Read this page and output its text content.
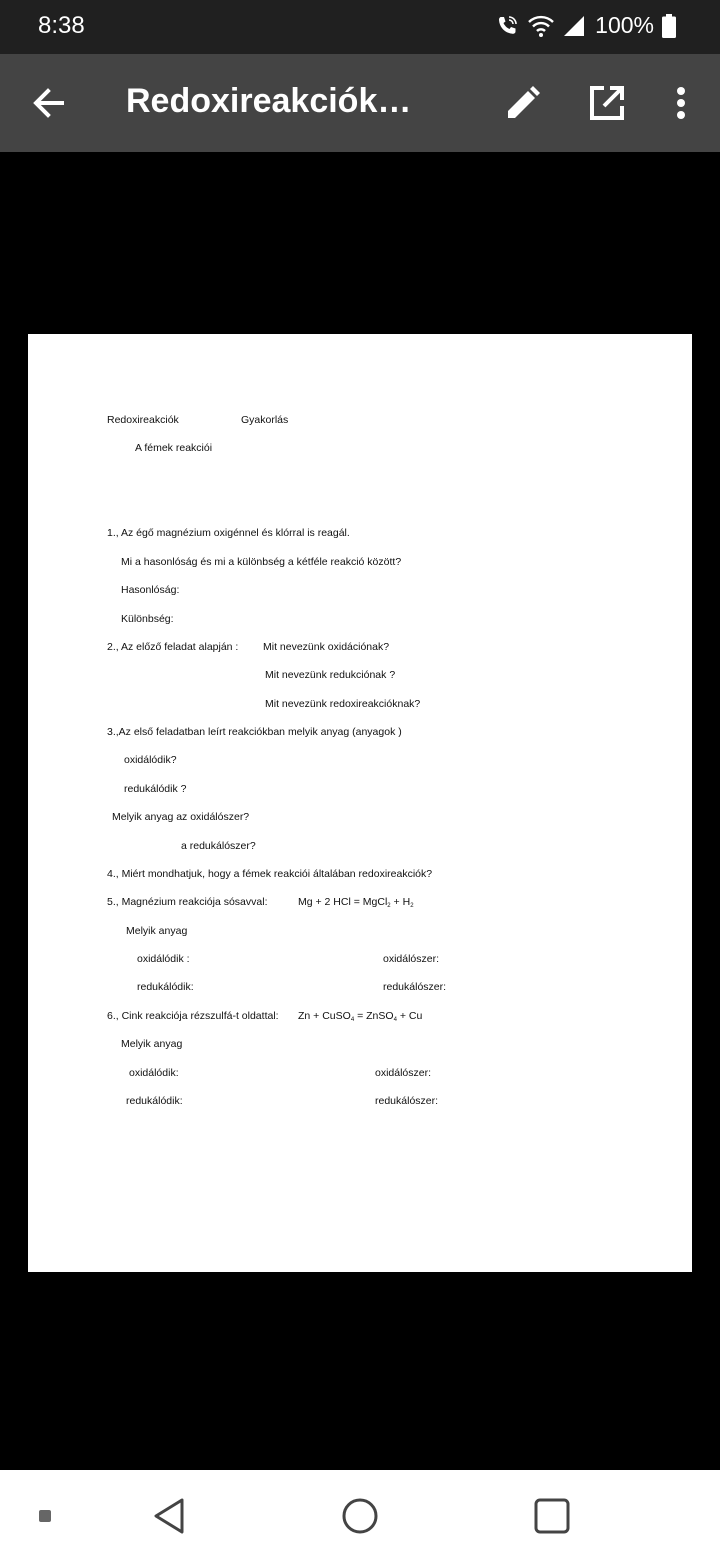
8:38	100%
Redoxireakciók…
Redoxireakciók	Gyakorlás
A fémek reakciói
1., Az égő magnézium oxigénnel és klórral is reagál.
Mi a hasonlóság és mi a különbség a kétféle reakció között?
Hasonlóság:
Különbség:
2., Az előző feladat alapján : Mit nevezünk oxidációnak?
Mit nevezünk redukciónak ?
Mit nevezünk redoxireakcióknak?
3.,Az első feladatban leírt reakciókban melyik anyag (anyagok )
oxidálódik?
redukálódik ?
Melyik anyag az oxidálószer?
a redukálószer?
4., Miért mondhatjuk, hogy a fémek reakciói általában redoxireakciók?
5., Magnézium reakciója sósavval:	Mg + 2 HCl = MgCl$_2$ + $H_2$
Melyik anyag
oxidálódik :	oxidálószer:
redukálódik:	redukálószer:
6., Cink reakciója rézszulfá-t oldattal: Zn + CuSO$_4$ = ZnSO$_4$ + Cu
Melyik anyag
oxidálódik:	oxidálószer:
redukálódik:	redukálószer:
